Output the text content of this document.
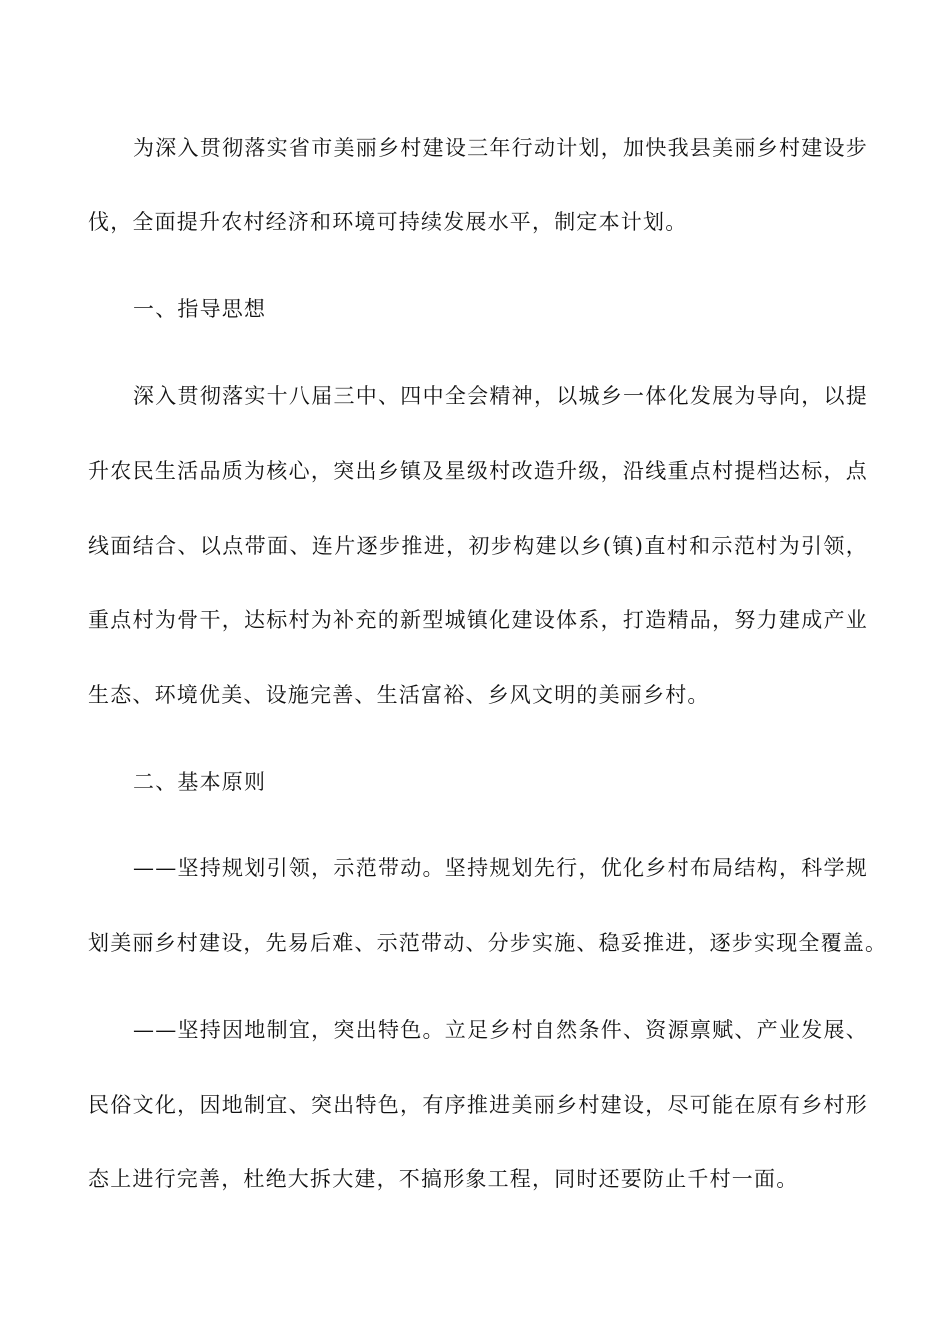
为深入贯彻落实省市美丽乡村建设三年行动计划，加快我县美丽乡村建设步
伐，全面提升农村经济和环境可持续发展水平，制定本计划。
一、指导思想
深入贯彻落实十八届三中、四中全会精神，以城乡一体化发展为导向，以提
升农民生活品质为核心，突出乡镇及星级村改造升级，沿线重点村提档达标，点
线面结合、以点带面、连片逐步推进，初步构建以乡(镇)直村和示范村为引领，
重点村为骨干，达标村为补充的新型城镇化建设体系，打造精品，努力建成产业
生态、环境优美、设施完善、生活富裕、乡风文明的美丽乡村。
二、基本原则
——坚持规划引领，示范带动。坚持规划先行，优化乡村布局结构，科学规
划美丽乡村建设，先易后难、示范带动、分步实施、稳妥推进，逐步实现全覆盖。
——坚持因地制宜，突出特色。立足乡村自然条件、资源禀赋、产业发展、
民俗文化，因地制宜、突出特色，有序推进美丽乡村建设，尽可能在原有乡村形
态上进行完善，杜绝大拆大建，不搞形象工程，同时还要防止千村一面。
